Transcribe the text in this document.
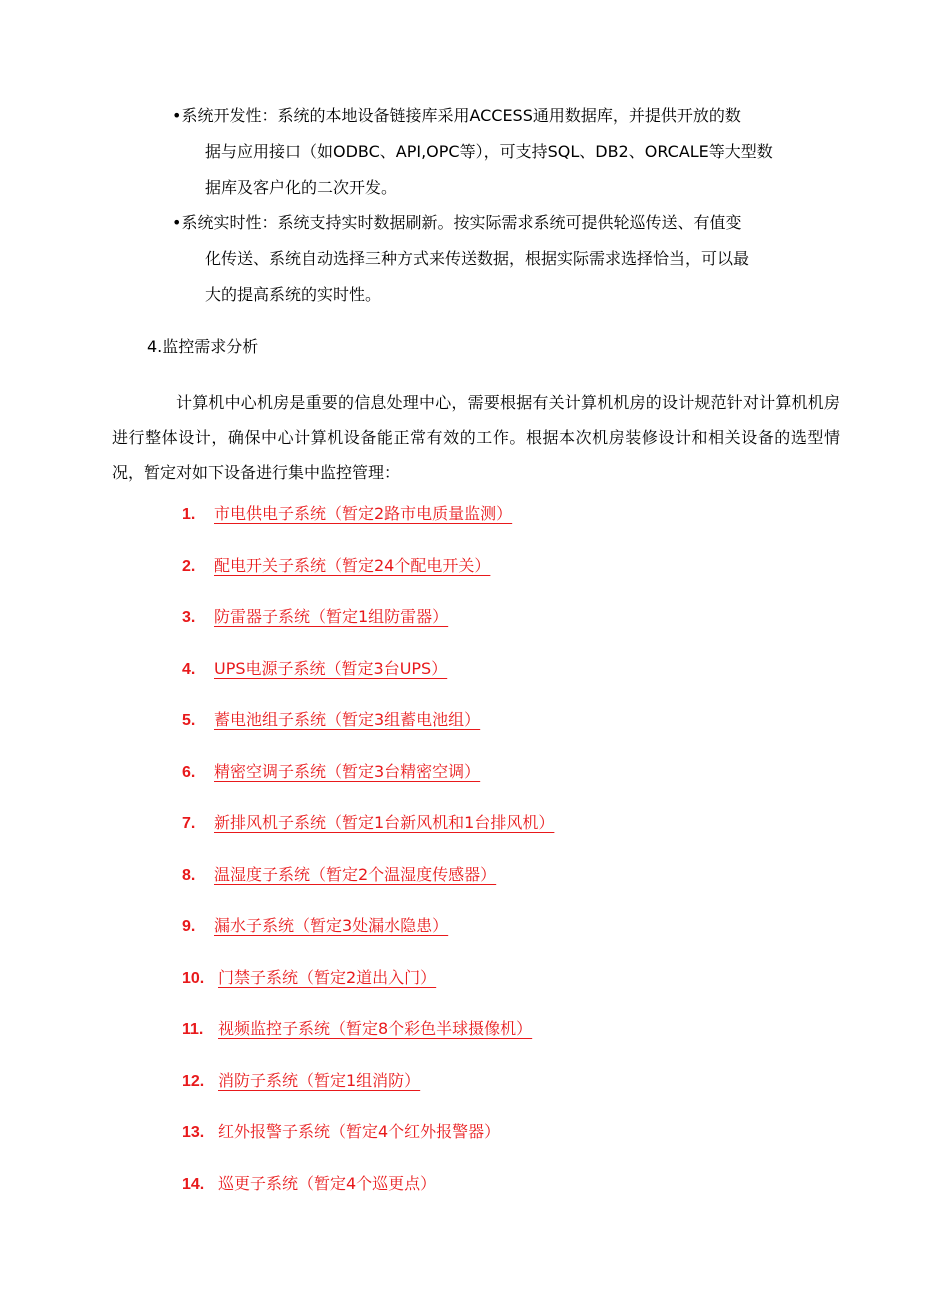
•系统开发性：系统的本地设备链接库采用ACCESS通用数据库，并提供开放的数
据与应用接口（如ODBC、API,OPC等），可支持SQL、DB2、ORCALE等大型数
据库及客户化的二次开发。
•系统实时性：系统支持实时数据刷新。按实际需求系统可提供轮巡传送、有值变
化传送、系统自动选择三种方式来传送数据，根据实际需求选择恰当，可以最
大的提高系统的实时性。
4.监控需求分析
计算机中心机房是重要的信息处理中心，需要根据有关计算机机房的设计规范针对计算机机房进行整体设计，确保中心计算机设备能正常有效的工作。根据本次机房装修设计和相关设备的选型情况，暂定对如下设备进行集中监控管理：
1. 市电供电子系统（暂定2路市电质量监测）
2. 配电开关子系统（暂定24个配电开关）
3. 防雷器子系统（暂定1组防雷器）
4. UPS电源子系统（暂定3台UPS）
5. 蓄电池组子系统（暂定3组蓄电池组）
6. 精密空调子系统（暂定3台精密空调）
7. 新排风机子系统（暂定1台新风机和1台排风机）
8. 温湿度子系统（暂定2个温湿度传感器）
9. 漏水子系统（暂定3处漏水隐患）
10. 门禁子系统（暂定2道出入门）
11. 视频监控子系统（暂定8个彩色半球摄像机）
12. 消防子系统（暂定1组消防）
13. 红外报警子系统（暂定4个红外报警器）
14. 巡更子系统（暂定4个巡更点）
